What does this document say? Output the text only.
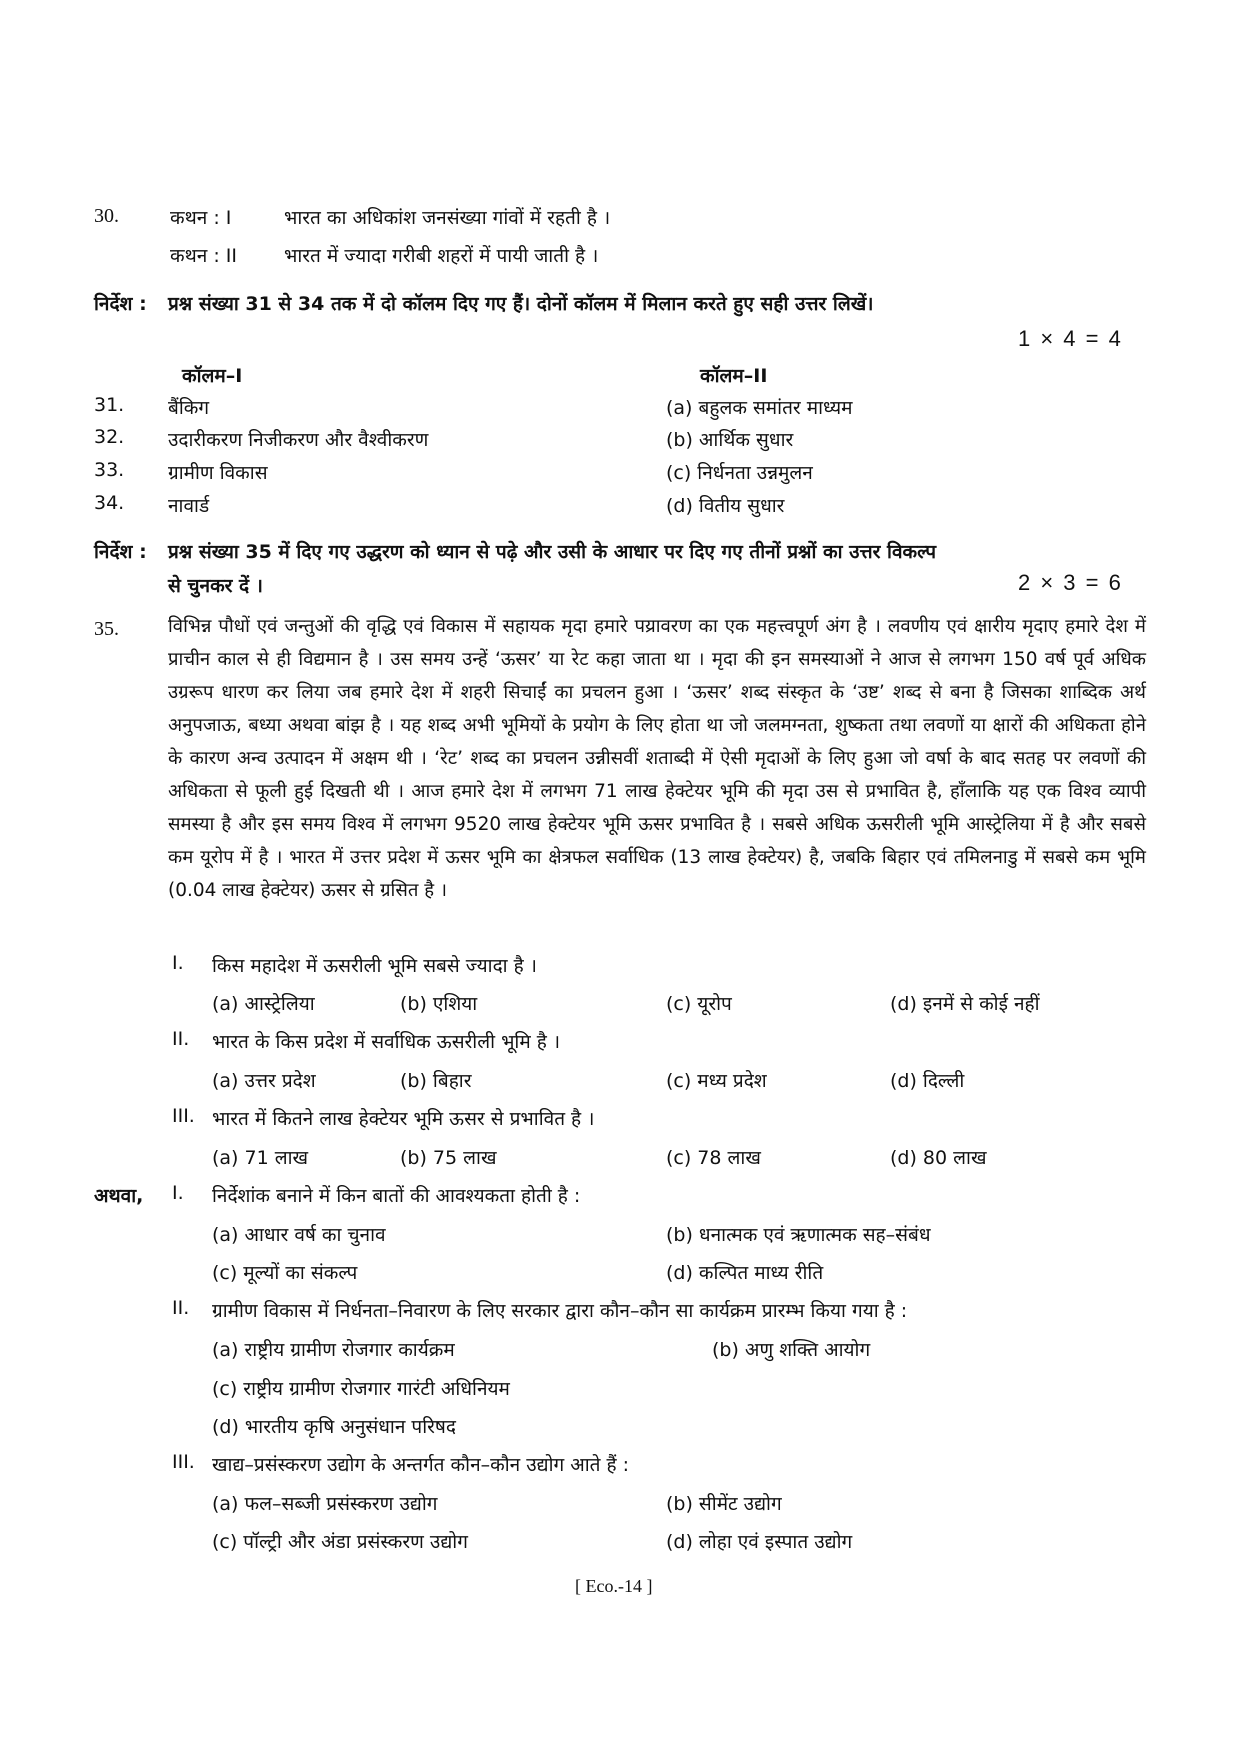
30.	कथन : I	भारत का अधिकांश जनसंख्या गांवों में रहती है ।
कथन : II भारत में ज्यादा गरीबी शहरों में पायी जाती है ।
निर्देश : प्रश्न संख्या 31 से 34 तक में दो कॉलम दिए गए हैं। दोनों कॉलम में मिलान करते हुए सही उत्तर लिखें।
1 × 4 = 4
कॉलम–I	कॉलम–II
31. बैंकिग	(a) बहुलक समांतर माध्यम
32. उदारीकरण निजीकरण और वैश्वीकरण	(b) आर्थिक सुधार
33. ग्रामीण विकास	(c) निर्धनता उन्नमुलन
34. नावार्ड	(d) वितीय सुधार
निर्देश : प्रश्न संख्या 35 में दिए गए उद्धरण को ध्यान से पढ़े और उसी के आधार पर दिए गए तीनों प्रश्नों का उत्तर विकल्प
से चुनकर दें ।	2 × 3 = 6
35.	विभिन्न पौधों एवं जन्तुओं की वृद्धि एवं विकास में सहायक मृदा हमारे पय्रावरण का एक महत्त्वपूर्ण अंग है । लवणीय एवं क्षारीय मृदाए हमारे देश में प्राचीन काल से ही विद्यमान है । उस समय उन्हें ‘ऊसर’ या रेट कहा जाता था । मृदा की इन समस्याओं ने आज से लगभग 150 वर्ष पूर्व अधिक उग्ररूप धारण कर लिया जब हमारे देश में शहरी सिचाईं का प्रचलन हुआ । ‘ऊसर’ शब्द संस्कृत के ‘उष्ट’ शब्द से बना है जिसका शाब्दिक अर्थ अनुपजाऊ, बध्या अथवा बांझ है । यह शब्द अभी भूमियों के प्रयोग के लिए होता था जो जलमग्नता, शुष्कता तथा लवणों या क्षारों की अधिकता होने के कारण अन्व उत्पादन में अक्षम थी । ‘रेट’ शब्द का प्रचलन उन्नीसवीं शताब्दी में ऐसी मृदाओं के लिए हुआ जो वर्षा के बाद सतह पर लवणों की अधिकता से फूली हुई दिखती थी । आज हमारे देश में लगभग 71 लाख हेक्टेयर भूमि की मृदा उस से प्रभावित है, हाँलाकि यह एक विश्व व्यापी समस्या है और इस समय विश्व में लगभग 9520 लाख हेक्टेयर भूमि ऊसर प्रभावित है । सबसे अधिक ऊसरीली भूमि आस्ट्रेलिया में है और सबसे कम यूरोप में है । भारत में उत्तर प्रदेश में ऊसर भूमि का क्षेत्रफल सर्वाधिक (13 लाख हेक्टेयर) है, जबकि बिहार एवं तमिलनाडु में सबसे कम भूमि (0.04 लाख हेक्टेयर) ऊसर से ग्रसित है ।
I. किस महादेश में ऊसरीली भूमि सबसे ज्यादा है ।
(a) आस्ट्रेलिया	(b) एशिया	(c) यूरोप	(d) इनमें से कोई नहीं
II. भारत के किस प्रदेश में सर्वाधिक ऊसरीली भूमि है ।
(a) उत्तर प्रदेश	(b) बिहार	(c) मध्य प्रदेश	(d) दिल्ली
III. भारत में कितने लाख हेक्टेयर भूमि ऊसर से प्रभावित है ।
(a) 71 लाख	(b) 75 लाख	(c) 78 लाख	(d) 80 लाख
अथवा, I. निर्देशांक बनाने में किन बातों की आवश्यकता होती है :
(a) आधार वर्ष का चुनाव	(b) धनात्मक एवं ऋणात्मक सह–संबंध
(c) मूल्यों का संकल्प	(d) कल्पित माध्य रीति
II. ग्रामीण विकास में निर्धनता–निवारण के लिए सरकार द्वारा कौन–कौन सा कार्यक्रम प्रारम्भ किया गया है :
(a) राष्ट्रीय ग्रामीण रोजगार कार्यक्रम	(b) अणु शक्ति आयोग
(c) राष्ट्रीय ग्रामीण रोजगार गारंटी अधिनियम
(d) भारतीय कृषि अनुसंधान परिषद
III. खाद्य–प्रसंस्करण उद्योग के अन्तर्गत कौन–कौन उद्योग आते हैं :
(a) फल–सब्जी प्रसंस्करण उद्योग	(b) सीमेंट उद्योग
(c) पॉल्ट्री और अंडा प्रसंस्करण उद्योग	(d) लोहा एवं इस्पात उद्योग
[ Eco.-14 ]
